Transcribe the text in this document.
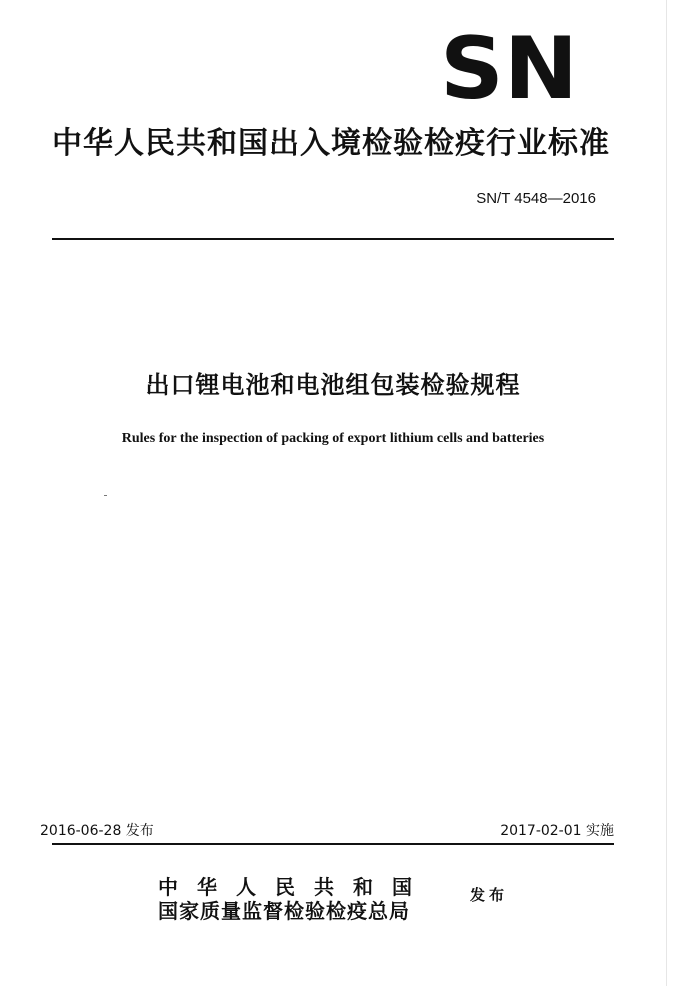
SN
中华人民共和国出入境检验检疫行业标准
SN/T 4548—2016
出口锂电池和电池组包装检验规程
Rules for the inspection of packing of export lithium cells and batteries
2016-06-28 发布	2017-02-01 实施
中华人民共和国
国家质量监督检验检疫总局
发布
